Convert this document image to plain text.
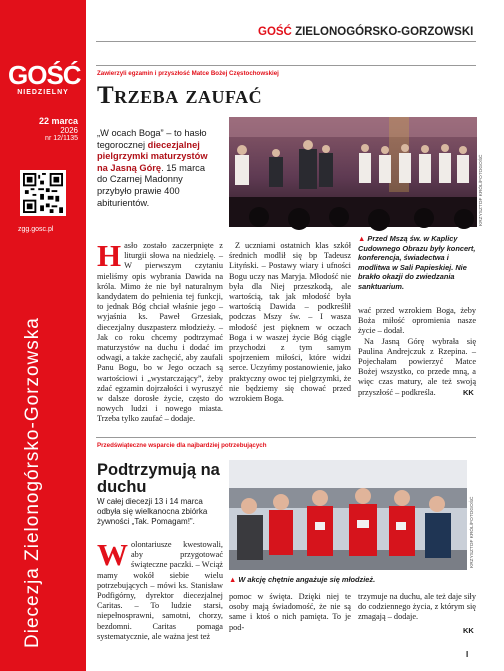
GOŚĆ
NIEDZIELNY
22 marca
2026
nr 12/1135
zgg.gosc.pl
Diecezja Zielonogórsko-Gorzowska
GOŚĆ ZIELONOGÓRSKO-GORZOWSKI
Zawierzyli egzamin i przyszłość Matce Bożej Częstochowskiej
Trzeba zaufać
„W ocach Boga” – to hasło tegorocznej diecezjalnej pielgrzymki maturzystów na Jasną Górę. 15 marca do Czarnej Madonny przybyło prawie 400 abiturientów.	KRZYSZTOF KRÓL/FOTOGOŚĆ
▲ Przed Mszą św. w Kaplicy Cudownego Obrazu były koncert, konferencja, świadectwa i modlitwa w Sali Papieskiej. Nie brakło okazji do zwiedzania sanktuarium.

Hasło zostało zaczerpnięte z liturgii słowa na niedzielę. – W pierwszym czytaniu mieliśmy opis wybrania Dawida na króla. Mimo że nie był naturalnym kandydatem do pełnienia tej funkcji, to jednak Bóg chciał właśnie jego – wyjaśnia ks. Paweł Grzesiak, diecezjalny duszpasterz młodzieży. – Jak co roku chcemy podtrzymać maturzystów na duchu i dodać im odwagi, a także zachęcić, aby zaufali Panu Bogu, bo w Jego oczach są wartościowi i „wystarczający”, żeby zdać egzamin dojrzałości i wyruszyć w dalsze dorosłe życie, często do nowych ludzi i nowego miasta. Trzeba tylko zaufać – dodaje.

Z uczniami ostatnich klas szkół średnich modlił się bp Tadeusz Lityński. – Postawy wiary i ufności Bogu uczy nas Maryja. Młodość nie była dla Niej przeszkodą, ale wartością, tak jak młodość była wartością Dawida – podkreślił podczas Mszy św. – I wasza młodość jest pięknem w oczach Boga i w waszej życie Bóg ciągle przychodzi z tym samym spojrzeniem miłości, które widzi serce. Uczyńmy postanowienie, jako praktyczny owoc tej pielgrzymki, że nie będziemy się chować przed wzrokiem Boga.

wać przed wzrokiem Boga, żeby Boża miłość opromienia nasze życie – dodał.

Na Jasną Górę wybrała się Paulina Andrejczuk z Rzepina. – Pojechałam powierzyć Matce Bożej wszystko, co przede mną, a więc czas matury, ale też swoją przyszłość – podkreśla.	KK
Przedświąteczne wsparcie dla najbardziej potrzebujących
Podtrzymują na duchu
W całej diecezji 13 i 14 marca odbyła się wielkanocna zbiórka żywności „Tak. Pomagam!”.	KRZYSZTOF KRÓL/FOTOGOŚĆ
▲ W akcję chętnie angażuje się młodzież.

Wolontariusze kwestowali, aby przygotować świąteczne paczki. – Wciąż mamy wokół siebie wielu potrzebujących – mówi ks. Stanisław Podfigórny, dyrektor diecezjalnej Caritas. – To ludzie starsi, niepełnosprawni, samotni, chorzy, bezdomni. Caritas pomaga systematycznie, ale ważna jest też

pomoc w święta. Dzięki niej te osoby mają świadomość, że nie są same i ktoś o nich pamięta. To je pod-

trzymuje na duchu, ale też daje siły do codziennego życia, z którym się zmagają – dodaje.

KK
I
